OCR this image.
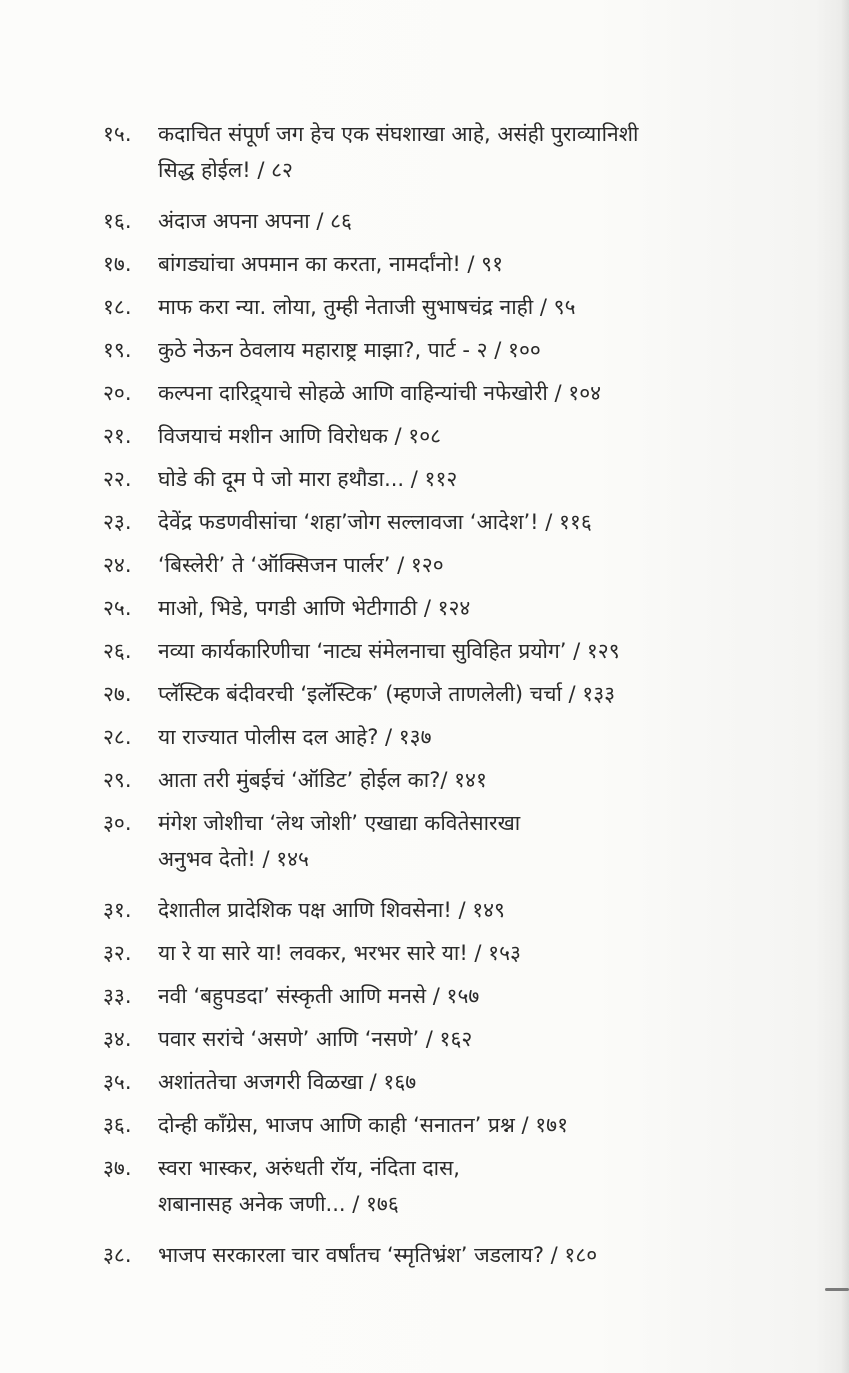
१५.	कदाचित संपूर्ण जग हेच एक संघशाखा आहे, असंही पुराव्यानिशी
सिद्ध होईल! / ८२
१६.	अंदाज अपना अपना / ८६
१७.	बांगड्यांचा अपमान का करता, नामर्दांनो! / ९१
१८.	माफ करा न्या. लोया, तुम्ही नेताजी सुभाषचंद्र नाही / ९५
१९.	कुठे नेऊन ठेवलाय महाराष्ट्र माझा?, पार्ट - २ / १००
२०.	कल्पना दारिद्र्याचे सोहळे आणि वाहिन्यांची नफेखोरी / १०४
२१.	विजयाचं मशीन आणि विरोधक / १०८
२२.	घोडे की दूम पे जो मारा हथौडा... / ११२
२३.	देवेंद्र फडणवीसांचा ‘शहा’जोग सल्लावजा ‘आदेश’! / ११६
२४.	‘बिस्लेरी’ ते ‘ऑक्सिजन पार्लर’ / १२०
२५.	माओ, भिडे, पगडी आणि भेटीगाठी / १२४
२६.	नव्या कार्यकारिणीचा ‘नाट्य संमेलनाचा सुविहित प्रयोग’ / १२९
२७.	प्लॅस्टिक बंदीवरची ‘इलॅस्टिक’ (म्हणजे ताणलेली) चर्चा / १३३
२८.	या राज्यात पोलीस दल आहे? / १३७
२९.	आता तरी मुंबईचं ‘ऑडिट’ होईल का?/ १४१
३०.	मंगेश जोशीचा ‘लेथ जोशी’ एखाद्या कवितेसारखा
अनुभव देतो! / १४५
३१.	देशातील प्रादेशिक पक्ष आणि शिवसेना! / १४९
३२.	या रे या सारे या! लवकर, भरभर सारे या! / १५३
३३.	नवी ‘बहुपडदा’ संस्कृती आणि मनसे / १५७
३४.	पवार सरांचे ‘असणे’ आणि ‘नसणे’ / १६२
३५.	अशांततेचा अजगरी विळखा / १६७
३६.	दोन्ही काँग्रेस, भाजप आणि काही ‘सनातन’ प्रश्न / १७१
३७.	स्वरा भास्कर, अरुंधती रॉय, नंदिता दास,
शबानासह अनेक जणी... / १७६
३८.	भाजप सरकारला चार वर्षांतच ‘स्मृतिभ्रंश’ जडलाय? / १८०
